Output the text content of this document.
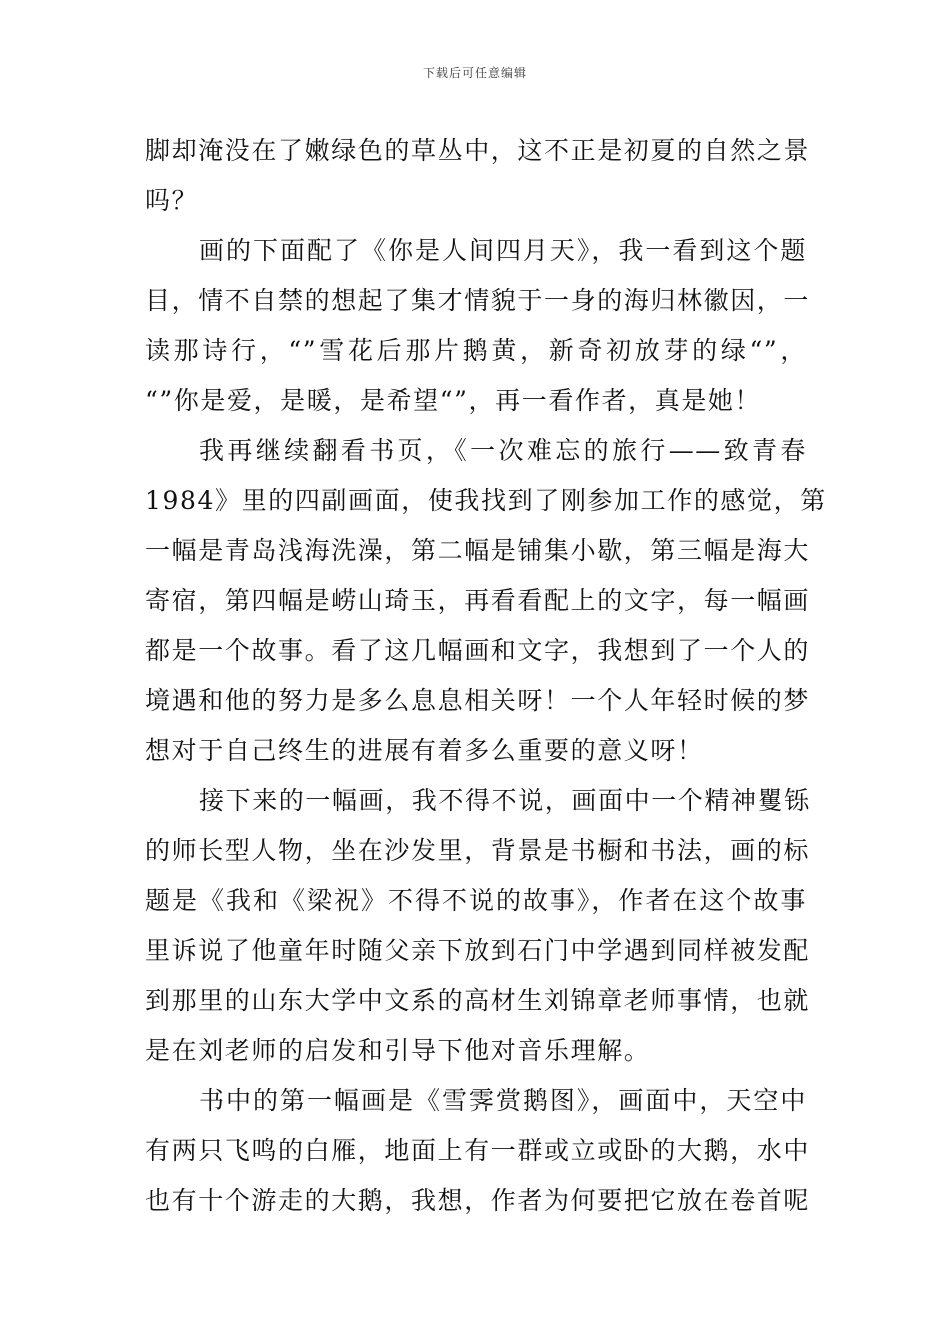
下载后可任意编辑
脚却淹没在了嫩绿色的草丛中，这不正是初夏的自然之景
吗？
画的下面配了《你是人间四月天》，我一看到这个题
目，情不自禁的想起了集才情貌于一身的海归林徽因，一
读那诗行，“”雪花后那片鹅黄，新奇初放芽的绿“”，
“”你是爱，是暖，是希望“”，再一看作者，真是她！
我再继续翻看书页，《一次难忘的旅行——致青春
1984》里的四副画面，使我找到了刚参加工作的感觉，第
一幅是青岛浅海洗澡，第二幅是铺集小歇，第三幅是海大
寄宿，第四幅是崂山琦玉，再看看配上的文字，每一幅画
都是一个故事。看了这几幅画和文字，我想到了一个人的
境遇和他的努力是多么息息相关呀！一个人年轻时候的梦
想对于自己终生的进展有着多么重要的意义呀！
接下来的一幅画，我不得不说，画面中一个精神矍铄
的师长型人物，坐在沙发里，背景是书橱和书法，画的标
题是《我和《梁祝》不得不说的故事》，作者在这个故事
里诉说了他童年时随父亲下放到石门中学遇到同样被发配
到那里的山东大学中文系的高材生刘锦章老师事情，也就
是在刘老师的启发和引导下他对音乐理解。
书中的第一幅画是《雪霁赏鹅图》，画面中，天空中
有两只飞鸣的白雁，地面上有一群或立或卧的大鹅，水中
也有十个游走的大鹅，我想，作者为何要把它放在卷首呢
